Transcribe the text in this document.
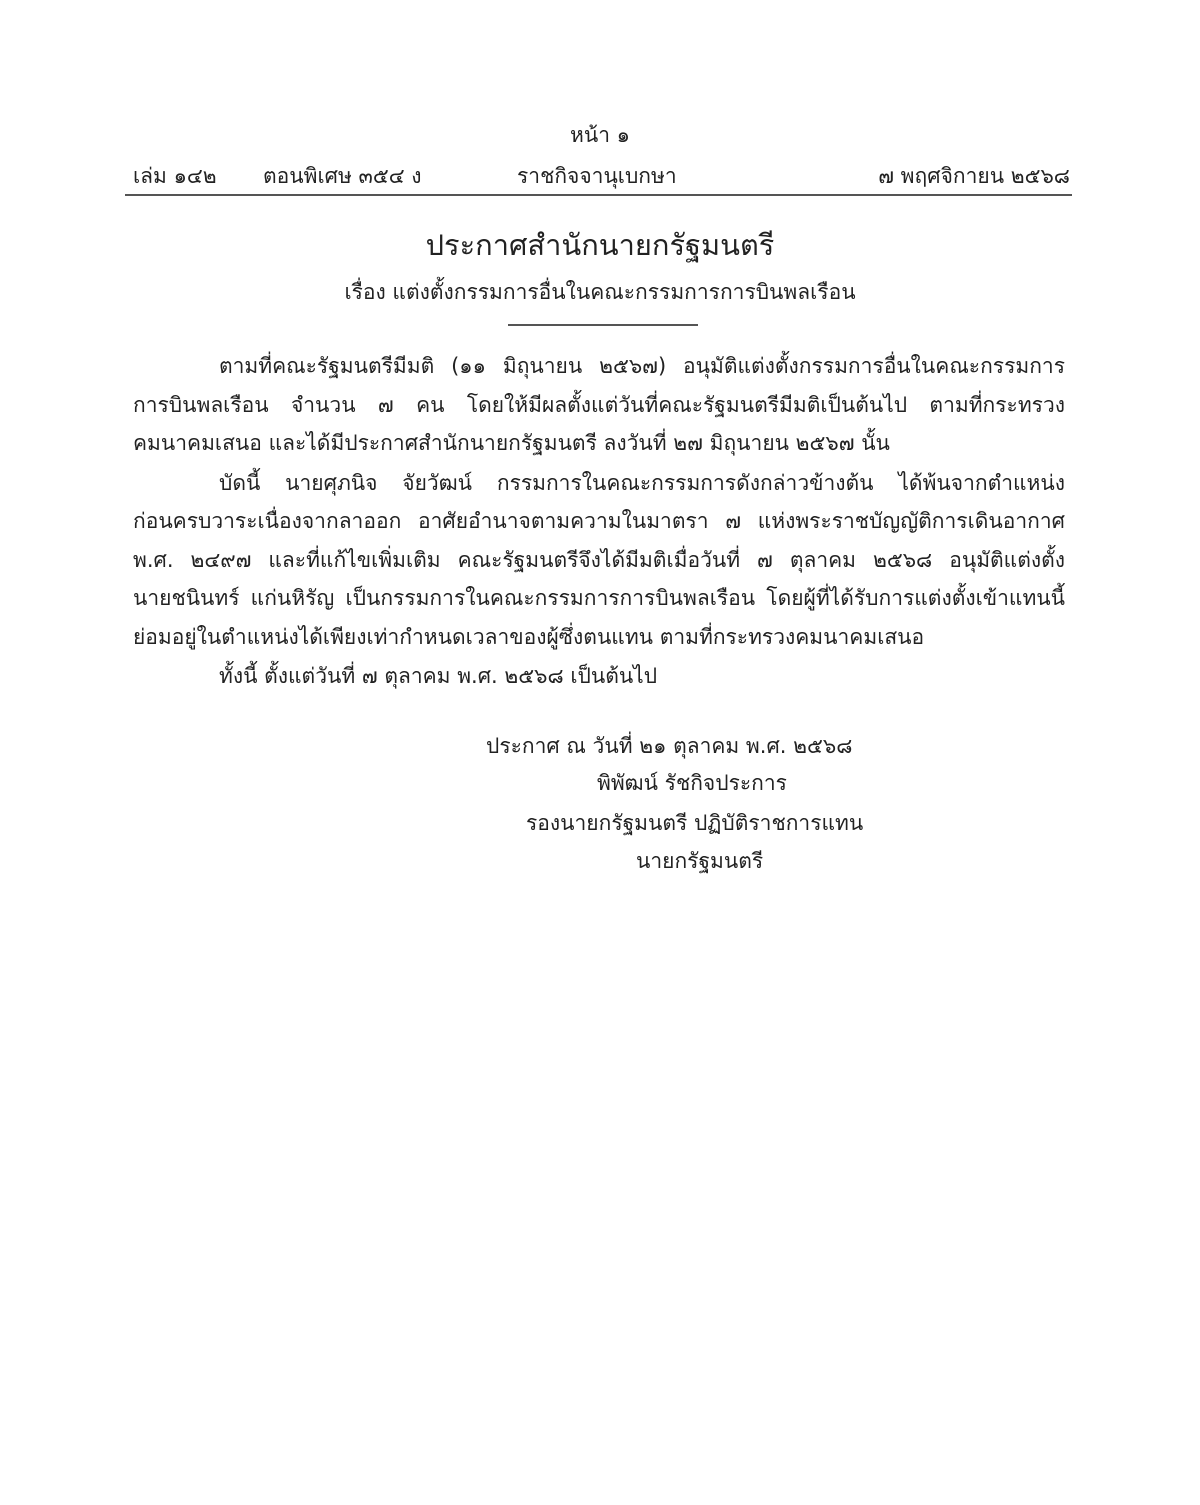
หน้า ๑
เล่ม ๑๔๒ ตอนพิเศษ ๓๕๔ ง	ราชกิจจานุเบกษา	๗ พฤศจิกายน ๒๕๖๘
ประกาศสำนักนายกรัฐมนตรี
เรื่อง แต่งตั้งกรรมการอื่นในคณะกรรมการการบินพลเรือน
ตามที่คณะรัฐมนตรีมีมติ (๑๑ มิถุนายน ๒๕๖๗) อนุมัติแต่งตั้งกรรมการอื่นในคณะกรรมการ
การบินพลเรือน จำนวน ๗ คน โดยให้มีผลตั้งแต่วันที่คณะรัฐมนตรีมีมติเป็นต้นไป ตามที่กระทรวง
คมนาคมเสนอ และได้มีประกาศสำนักนายกรัฐมนตรี ลงวันที่ ๒๗ มิถุนายน ๒๕๖๗ นั้น
บัดนี้ นายศุภนิจ จัยวัฒน์ กรรมการในคณะกรรมการดังกล่าวข้างต้น ได้พ้นจากตำแหน่ง
ก่อนครบวาระเนื่องจากลาออก อาศัยอำนาจตามความในมาตรา ๗ แห่งพระราชบัญญัติการเดินอากาศ
พ.ศ. ๒๔๙๗ และที่แก้ไขเพิ่มเติม คณะรัฐมนตรีจึงได้มีมติเมื่อวันที่ ๗ ตุลาคม ๒๕๖๘ อนุมัติแต่งตั้ง
นายชนินทร์ แก่นหิรัญ เป็นกรรมการในคณะกรรมการการบินพลเรือน โดยผู้ที่ได้รับการแต่งตั้งเข้าแทนนี้
ย่อมอยู่ในตำแหน่งได้เพียงเท่ากำหนดเวลาของผู้ซึ่งตนแทน ตามที่กระทรวงคมนาคมเสนอ
ทั้งนี้ ตั้งแต่วันที่ ๗ ตุลาคม พ.ศ. ๒๕๖๘ เป็นต้นไป
ประกาศ ณ วันที่ ๒๑ ตุลาคม พ.ศ. ๒๕๖๘
พิพัฒน์ รัชกิจประการ
รองนายกรัฐมนตรี ปฏิบัติราชการแทน
นายกรัฐมนตรี
